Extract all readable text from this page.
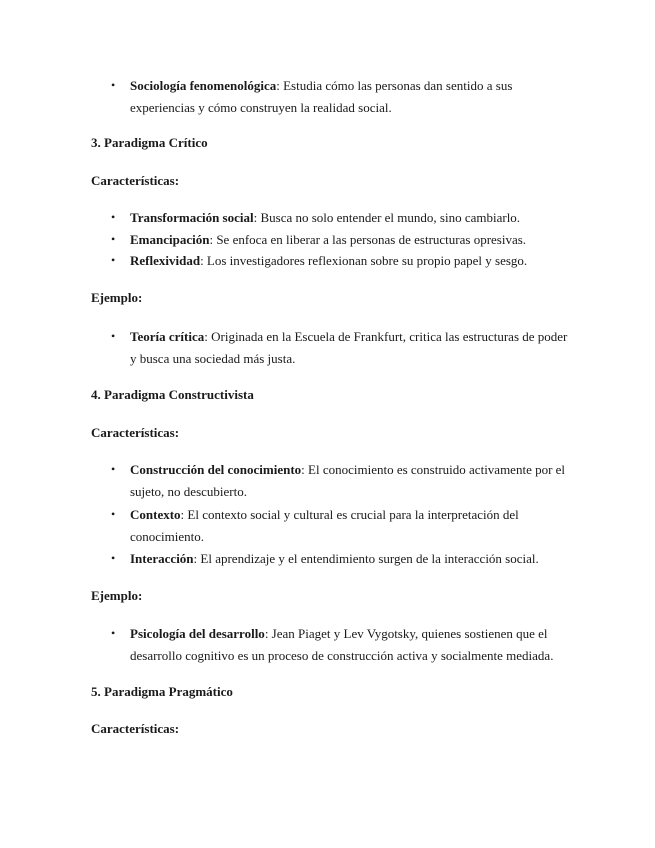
• Sociología fenomenológica: Estudia cómo las personas dan sentido a sus experiencias y cómo construyen la realidad social.
3. Paradigma Crítico
Características:
• Transformación social: Busca no solo entender el mundo, sino cambiarlo.
• Emancipación: Se enfoca en liberar a las personas de estructuras opresivas.
• Reflexividad: Los investigadores reflexionan sobre su propio papel y sesgo.
Ejemplo:
• Teoría crítica: Originada en la Escuela de Frankfurt, critica las estructuras de poder y busca una sociedad más justa.
4. Paradigma Constructivista
Características:
• Construcción del conocimiento: El conocimiento es construido activamente por el sujeto, no descubierto.
• Contexto: El contexto social y cultural es crucial para la interpretación del conocimiento.
• Interacción: El aprendizaje y el entendimiento surgen de la interacción social.
Ejemplo:
• Psicología del desarrollo: Jean Piaget y Lev Vygotsky, quienes sostienen que el desarrollo cognitivo es un proceso de construcción activa y socialmente mediada.
5. Paradigma Pragmático
Características:
